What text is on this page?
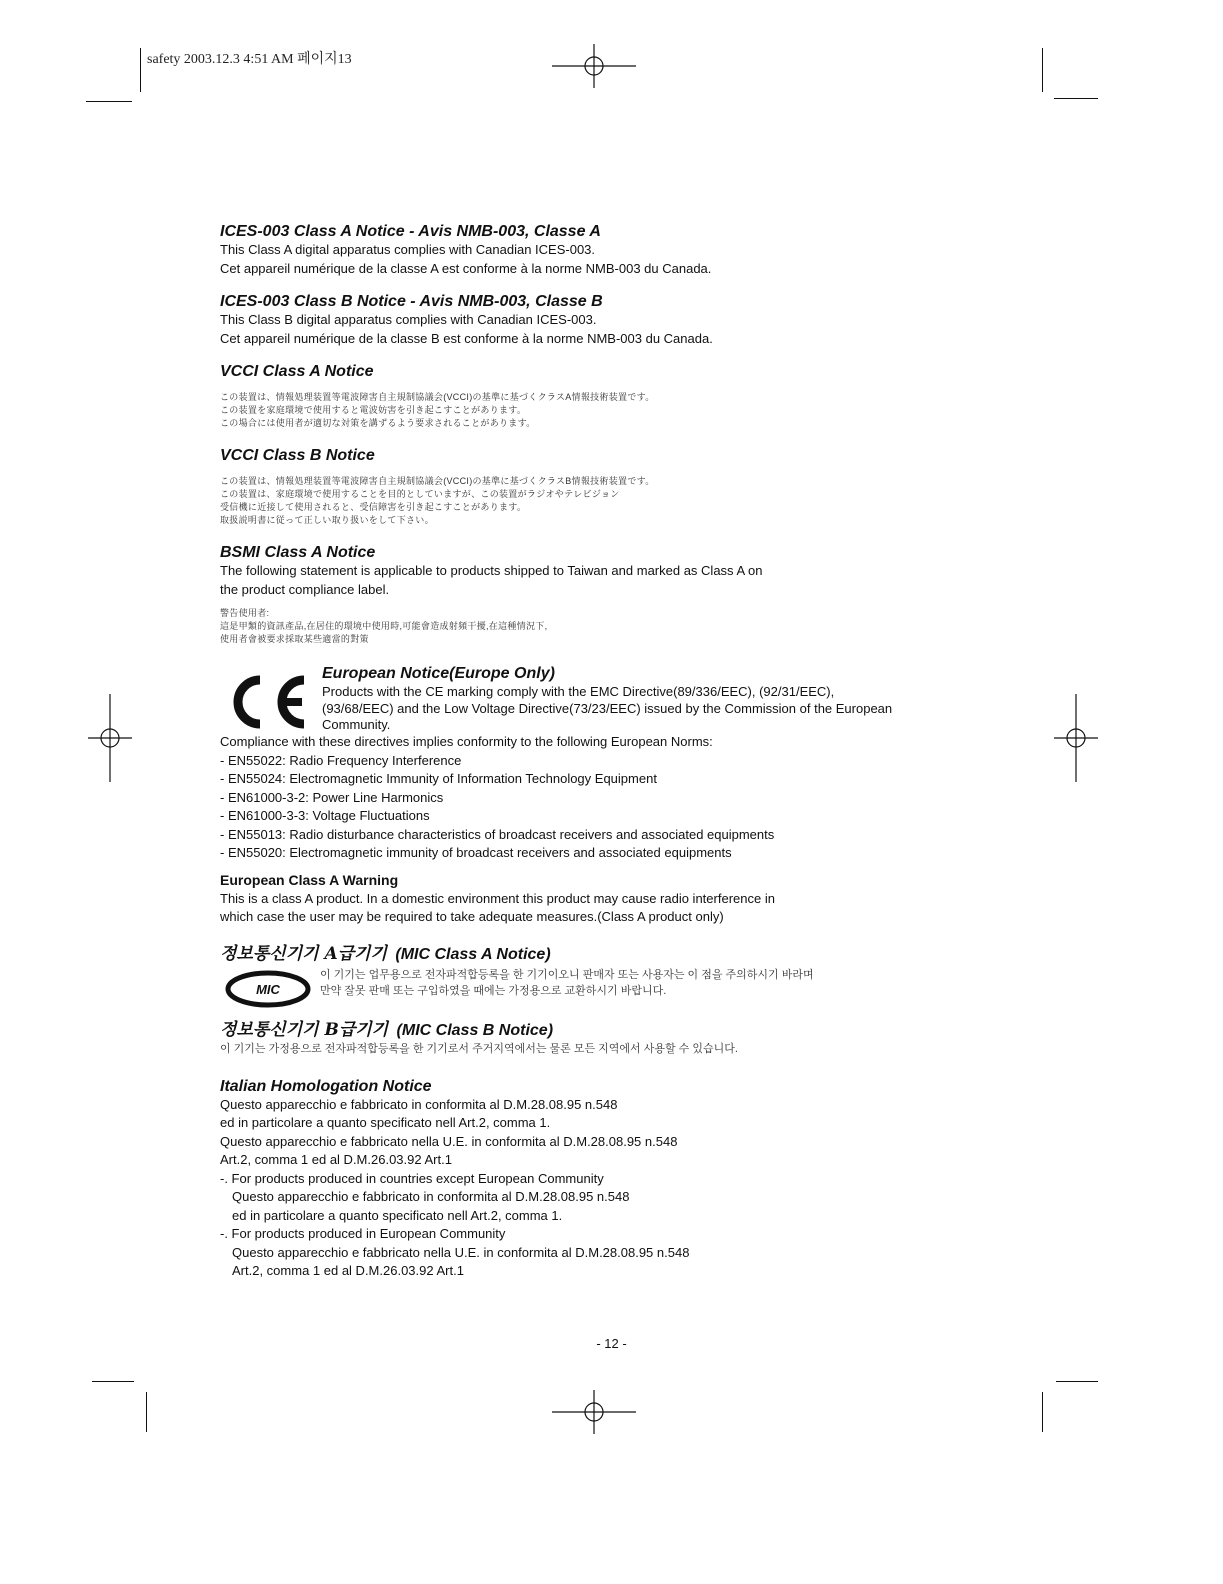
safety 2003.12.3 4:51 AM 페이지13

ICES-003 Class A Notice - Avis NMB-003, Classe A

This Class A digital apparatus complies with Canadian ICES-003.

Cet appareil numérique de la classe A est conforme à la norme NMB-003 du Canada.

ICES-003 Class B Notice - Avis NMB-003, Classe B

This Class B digital apparatus complies with Canadian ICES-003.

Cet appareil numérique de la classe B est conforme à la norme NMB-003 du Canada.

VCCI Class A Notice

この装置は、情報処理装置等電波障害自主規制協議会(VCCI)の基準に基づくクラスA情報技術装置です。

この装置を家庭環境で使用すると電波妨害を引き起こすことがあります。

この場合には使用者が適切な対策を講ずるよう要求されることがあります。

VCCI Class B Notice

この装置は、情報処理装置等電波障害自主規制協議会(VCCI)の基準に基づくクラスB情報技術装置です。

この装置は、家庭環境で使用することを目的としていますが、この装置がラジオやテレビジョン

受信機に近接して使用されると、受信障害を引き起こすことがあります。

取扱説明書に従って正しい取り扱いをして下さい。

BSMI Class A Notice

The following statement is applicable to products shipped to Taiwan and marked as Class A on

the product compliance label.

警告使用者:

這是甲類的資訊產品,在居住的環境中使用時,可能會造成射頻干擾,在這種情況下,

使用者會被要求採取某些適當的對策

European Notice(Europe Only)

Products with the CE marking comply with the EMC Directive(89/336/EEC), (92/31/EEC),

(93/68/EEC) and the Low Voltage Directive(73/23/EEC) issued by the Commission of the European

Community.

Compliance with these directives implies conformity to the following European Norms:

- EN55022: Radio Frequency Interference

- EN55024: Electromagnetic Immunity of Information Technology Equipment

- EN61000-3-2: Power Line Harmonics

- EN61000-3-3: Voltage Fluctuations

- EN55013: Radio disturbance characteristics of broadcast receivers and associated equipments

- EN55020: Electromagnetic immunity of broadcast receivers and associated equipments

European Class A Warning

This is a class A product. In a domestic environment this product may cause radio interference in

which case the user may be required to take adequate measures.(Class A product only)

정보통신기기 A급기기 (MIC Class A Notice)

MIC

이 기기는 업무용으로 전자파적합등록을 한 기기이오니 판매자 또는 사용자는 이 점을 주의하시기 바라며

만약 잘못 판매 또는 구입하였을 때에는 가정용으로 교환하시기 바랍니다.

정보통신기기 B급기기 (MIC Class B Notice)

이 기기는 가정용으로 전자파적합등록을 한 기기로서 주거지역에서는 물론 모든 지역에서 사용할 수 있습니다.

Italian Homologation Notice

Questo apparecchio e fabbricato in conformita al D.M.28.08.95 n.548

ed in particolare a quanto specificato nell Art.2, comma 1.

Questo apparecchio e fabbricato nella U.E. in conformita al D.M.28.08.95 n.548

Art.2, comma 1 ed al D.M.26.03.92 Art.1

-. For products produced in countries except European Community

Questo apparecchio e fabbricato in conformita al D.M.28.08.95 n.548

ed in particolare a quanto specificato nell Art.2, comma 1.

-. For products produced in European Community

Questo apparecchio e fabbricato nella U.E. in conformita al D.M.28.08.95 n.548

Art.2, comma 1 ed al D.M.26.03.92 Art.1

- 12 -
